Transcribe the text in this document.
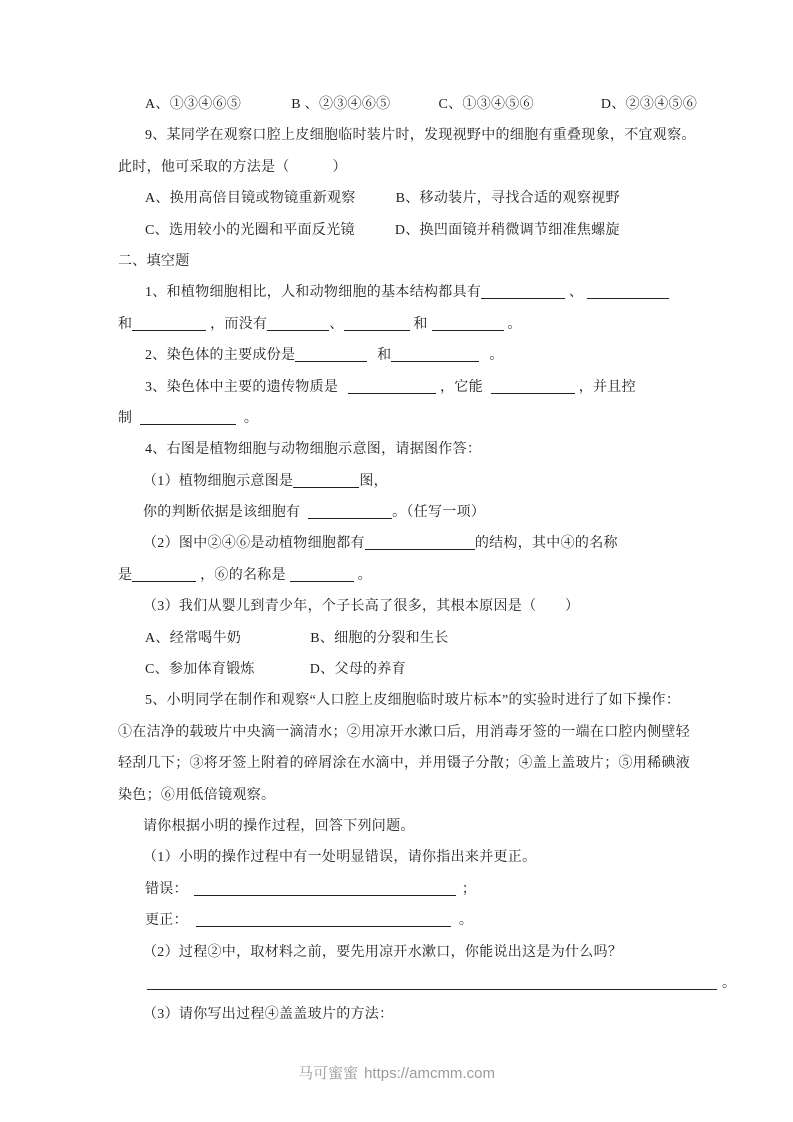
A、①③④⑥⑤	B 、②③④⑥⑤	C、①③④⑤⑥	D、②③④⑤⑥
9、某同学在观察口腔上皮细胞临时装片时，发现视野中的细胞有重叠现象，不宜观察。
此时，他可采取的方法是（　　　）
A、换用高倍目镜或物镜重新观察	B、移动装片，寻找合适的观察视野
C、选用较小的光圈和平面反光镜	D、换凹面镜并稍微调节细准焦螺旋
二、填空题
1、和植物细胞相比，人和动物细胞的基本结构都具有	、
和	，而没有	、	和	。
2、染色体的主要成份是	和	。
3、染色体中主要的遗传物质是	，它能	，并且控
制	。
4、右图是植物细胞与动物细胞示意图，请据图作答：
（1）植物细胞示意图是	图，
你的判断依据是该细胞有	。（任写一项）
（2）图中②④⑥是动植物细胞都有	的结构，其中④的名称
是	，⑥的名称是	。
（3）我们从婴儿到青少年，个子长高了很多，其根本原因是（　　）
A、经常喝牛奶	B、细胞的分裂和生长
C、参加体育锻炼	D、父母的养育
5、小明同学在制作和观察“人口腔上皮细胞临时玻片标本”的实验时进行了如下操作：
①在洁净的载玻片中央滴一滴清水；②用凉开水漱口后，用消毒牙签的一端在口腔内侧壁轻
轻刮几下；③将牙签上附着的碎屑涂在水滴中，并用镊子分散；④盖上盖玻片；⑤用稀碘液
染色；⑥用低倍镜观察。
请你根据小明的操作过程，回答下列问题。
（1）小明的操作过程中有一处明显错误，请你指出来并更正。
错误：	；
更正：	。
（2）过程②中，取材料之前，要先用凉开水漱口，你能说出这是为什么吗？
。
（3）请你写出过程④盖盖玻片的方法：
马可蜜蜜 https://amcmm.com
